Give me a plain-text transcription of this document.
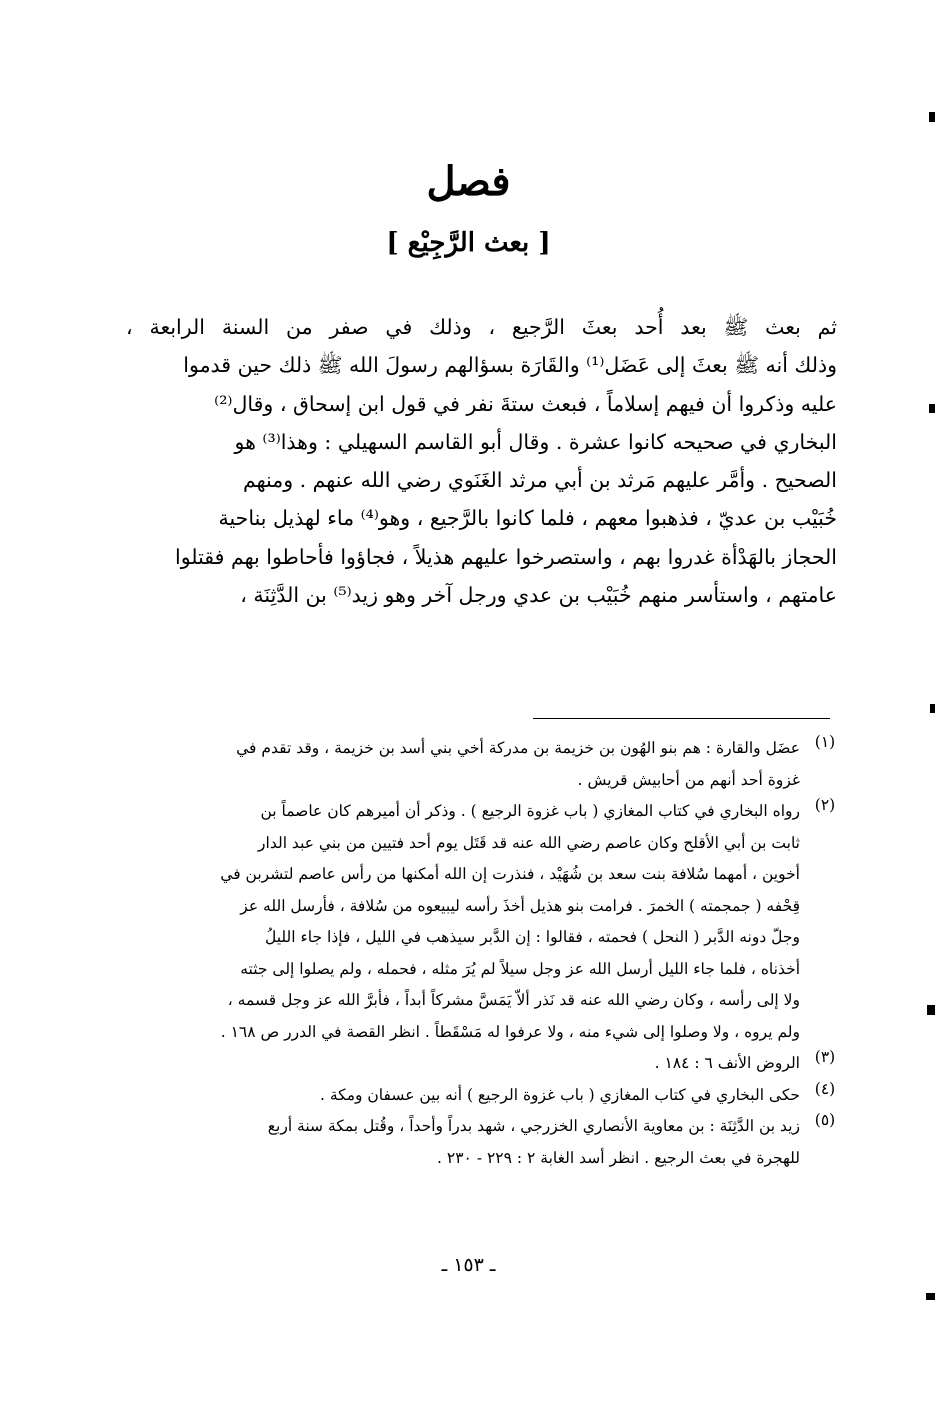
فصل
[ بعث الرَّجِيْع ]
ثم بعث ﷺ بعد أُحد بعثَ الرَّجيع ، وذلك في صفر من السنة الرابعة ،
وذلك أنه ﷺ بعثَ إلى عَضَل⁽¹⁾ والقَارَة بسؤالهم رسولَ الله ﷺ ذلك حين قدموا
عليه وذكروا أن فيهم إسلاماً ، فبعث ستةَ نفر في قول ابن إسحاق ، وقال⁽²⁾
البخاري في صحيحه كانوا عشرة . وقال أبو القاسم السهيلي : وهذا⁽³⁾ هو
الصحيح . وأمَّر عليهم مَرثد بن أبي مرثد الغَنَوي رضي الله عنهم . ومنهم
خُبَيْب بن عديّ ، فذهبوا معهم ، فلما كانوا بالرَّجيع ، وهو⁽⁴⁾ ماء لهذيل بناحية
الحجاز بالهَدْأة غدروا بهم ، واستصرخوا عليهم هذيلاً ، فجاؤوا فأحاطوا بهم فقتلوا
عامتهم ، واستأسر منهم خُبَيْب بن عدي ورجل آخر وهو زيد⁽⁵⁾ بن الدَّثِنَة ،
(١)
عضَل والقارة : هم بنو الهُون بن خزيمة بن مدركة أخي بني أسد بن خزيمة ، وقد تقدم في
غزوة أحد أنهم من أحابيش قريش .
(٢)
رواه البخاري في كتاب المغازي ( باب غزوة الرجيع ) . وذكر أن أميرهم كان عاصماً بن
ثابت بن أبي الأقلح وكان عاصم رضي الله عنه قد قَتَل يوم أحد فتيين من بني عبد الدار
أخوين ، أمهما سُلافة بنت سعد بن شُهَيْد ، فنذرت إن الله أمكنها من رأس عاصم لتشربن في
قِحْفه ( جمجمته ) الخمرَ . فرامت بنو هذيل أخذَ رأسه ليبيعوه من سُلافة ، فأرسل الله عز
وجلّ دونه الدَّبر ( النحل ) فحمته ، فقالوا : إن الدَّبر سيذهب في الليل ، فإذا جاء الليلُ
أخذناه ، فلما جاء الليل أرسل الله عز وجل سيلاً لم يُرَ مثله ، فحمله ، ولم يصلوا إلى جثته
ولا إلى رأسه ، وكان رضي الله عنه قد نَذر ألاّ يَمَسَّ مشركاً أبداً ، فأبرَّ الله عز وجل قسمه ،
ولم يروه ، ولا وصلوا إلى شيء منه ، ولا عرفوا له مَسْقَطاً . انظر القصة في الدرر ص ١٦٨ .
(٣)
الروض الأنف ٦ : ١٨٤ .
(٤)
حكى البخاري في كتاب المغازي ( باب غزوة الرجيع ) أنه بين عسفان ومكة .
(٥)
زيد بن الدَّثِنَة : بن معاوية الأنصاري الخزرجي ، شهد بدراً وأحداً ، وقُتل بمكة سنة أربع
للهجرة في بعث الرجيع . انظر أسد الغابة ٢ : ٢٢٩ - ٢٣٠ .
ـ ١٥٣ ـ
